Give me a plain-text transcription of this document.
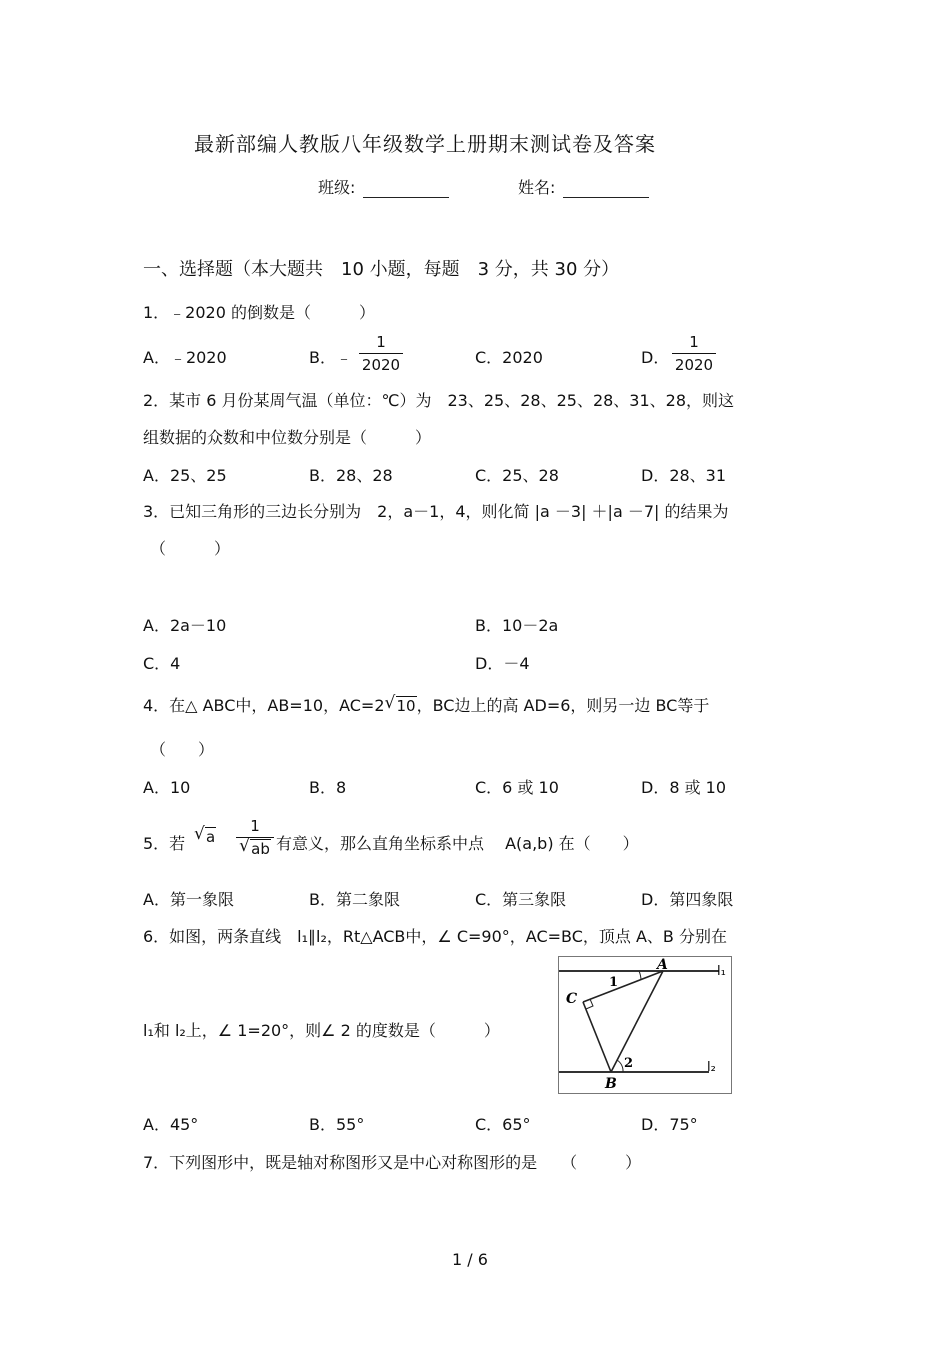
最新部编人教版八年级数学上册期末测试卷及答案
班级:	姓名:
一、选择题（本大题共　10 小题，每题　3 分，共 30 分）
1．﹣2020 的倒数是（　　　）
A．﹣2020	B．﹣
1
2020	C．2020	D．
1
2020
2．某市 6 月份某周气温（单位：℃）为　23、25、28、25、28、31、28，则这
组数据的众数和中位数分别是（　　　）
A．25、25	B．28、28	C．25、28	D．28、31
3．已知三角形的三边长分别为　2，a－1，4，则化简 |a －3| ＋|a －7| 的结果为
（　　　）
A．2a－10	B．10－2a
C．4	D．－4
4．在△ ABC中，AB=10，AC=2 √ 10，BC边上的高 AD=6，则另一边 BC等于
（　　）
A．10	B．8	C．6 或 10	D．8 或 10
5．若 √ a
1
√ ab 有意义，那么直角坐标系中点　 A(a,b) 在（　　）
A．第一象限	B．第二象限	C．第三象限	D．第四象限
6．如图，两条直线　l₁∥l₂，Rt△ACB中，∠ C=90°，AC=BC，顶点 A、B 分别在
l₁和 l₂上，∠ 1=20°，则∠ 2 的度数是（　　　）
A
C
B
1
2
l₁
l₂
A．45°	B．55°	C．65°	D．75°
7．下列图形中，既是轴对称图形又是中心对称图形的是　　（　　　）
1 / 6
